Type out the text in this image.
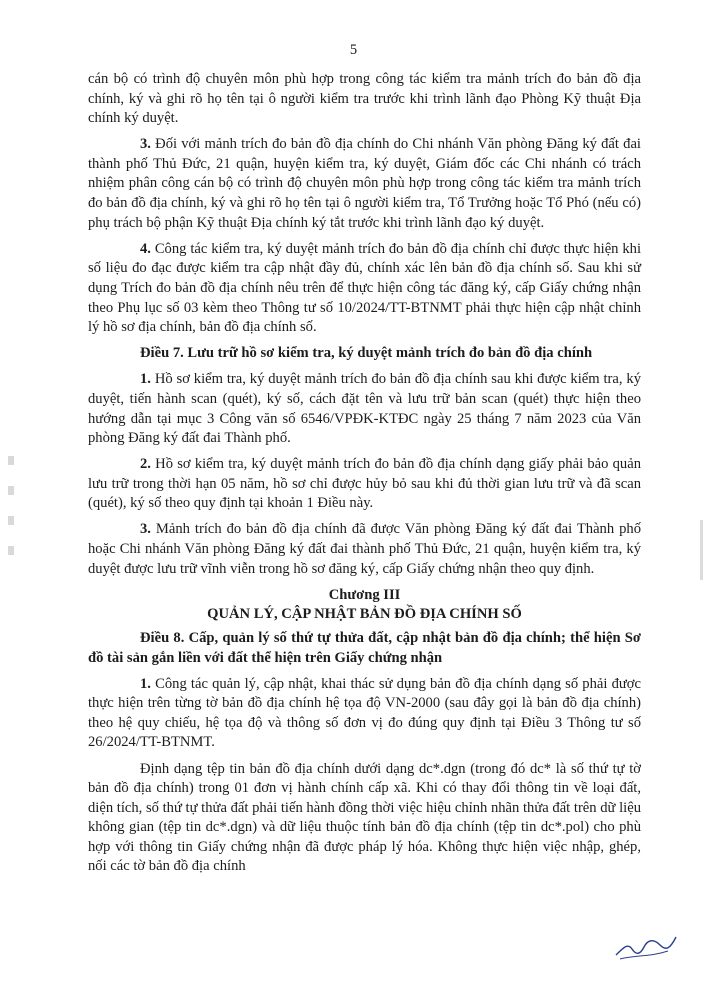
5

cán bộ có trình độ chuyên môn phù hợp trong công tác kiểm tra mảnh trích đo bản đồ địa chính, ký và ghi rõ họ tên tại ô người kiểm tra trước khi trình lãnh đạo Phòng Kỹ thuật Địa chính ký duyệt.

3. Đối với mảnh trích đo bản đồ địa chính do Chi nhánh Văn phòng Đăng ký đất đai thành phố Thủ Đức, 21 quận, huyện kiểm tra, ký duyệt, Giám đốc các Chi nhánh có trách nhiệm phân công cán bộ có trình độ chuyên môn phù hợp trong công tác kiểm tra mảnh trích đo bản đồ địa chính, ký và ghi rõ họ tên tại ô người kiểm tra, Tổ Trưởng hoặc Tổ Phó (nếu có) phụ trách bộ phận Kỹ thuật Địa chính ký tắt trước khi trình lãnh đạo ký duyệt.

4. Công tác kiểm tra, ký duyệt mảnh trích đo bản đồ địa chính chỉ được thực hiện khi số liệu đo đạc được kiểm tra cập nhật đầy đủ, chính xác lên bản đồ địa chính số. Sau khi sử dụng Trích đo bản đồ địa chính nêu trên để thực hiện công tác đăng ký, cấp Giấy chứng nhận theo Phụ lục số 03 kèm theo Thông tư số 10/2024/TT-BTNMT phải thực hiện cập nhật chỉnh lý hồ sơ địa chính, bản đồ địa chính số.

Điều 7. Lưu trữ hồ sơ kiểm tra, ký duyệt mảnh trích đo bản đồ địa chính

1. Hồ sơ kiểm tra, ký duyệt mảnh trích đo bản đồ địa chính sau khi được kiểm tra, ký duyệt, tiến hành scan (quét), ký số, cách đặt tên và lưu trữ bản scan (quét) thực hiện theo hướng dẫn tại mục 3 Công văn số 6546/VPĐK-KTĐC ngày 25 tháng 7 năm 2023 của Văn phòng Đăng ký đất đai Thành phố.

2. Hồ sơ kiểm tra, ký duyệt mảnh trích đo bản đồ địa chính dạng giấy phải bảo quản lưu trữ trong thời hạn 05 năm, hồ sơ chỉ được hủy bỏ sau khi đủ thời gian lưu trữ và đã scan (quét), ký số theo quy định tại khoản 1 Điều này.

3. Mảnh trích đo bản đồ địa chính đã được Văn phòng Đăng ký đất đai Thành phố hoặc Chi nhánh Văn phòng Đăng ký đất đai thành phố Thủ Đức, 21 quận, huyện kiểm tra, ký duyệt được lưu trữ vĩnh viễn trong hồ sơ đăng ký, cấp Giấy chứng nhận theo quy định.

Chương III

QUẢN LÝ, CẬP NHẬT BẢN ĐỒ ĐỊA CHÍNH SỐ

Điều 8. Cấp, quản lý số thứ tự thửa đất, cập nhật bản đồ địa chính; thể hiện Sơ đồ tài sản gắn liền với đất thể hiện trên Giấy chứng nhận

1. Công tác quản lý, cập nhật, khai thác sử dụng bản đồ địa chính dạng số phải được thực hiện trên từng tờ bản đồ địa chính hệ tọa độ VN-2000 (sau đây gọi là bản đồ địa chính) theo hệ quy chiếu, hệ tọa độ và thông số đơn vị đo đúng quy định tại Điều 3 Thông tư số 26/2024/TT-BTNMT.

Định dạng tệp tin bản đồ địa chính dưới dạng dc*.dgn (trong đó dc* là số thứ tự tờ bản đồ địa chính) trong 01 đơn vị hành chính cấp xã. Khi có thay đổi thông tin về loại đất, diện tích, số thứ tự thửa đất phải tiến hành đồng thời việc hiệu chỉnh nhãn thửa đất trên dữ liệu không gian (tệp tin dc*.dgn) và dữ liệu thuộc tính bản đồ địa chính (tệp tin dc*.pol) cho phù hợp với thông tin Giấy chứng nhận đã được pháp lý hóa. Không thực hiện việc nhập, ghép, nối các tờ bản đồ địa chính
